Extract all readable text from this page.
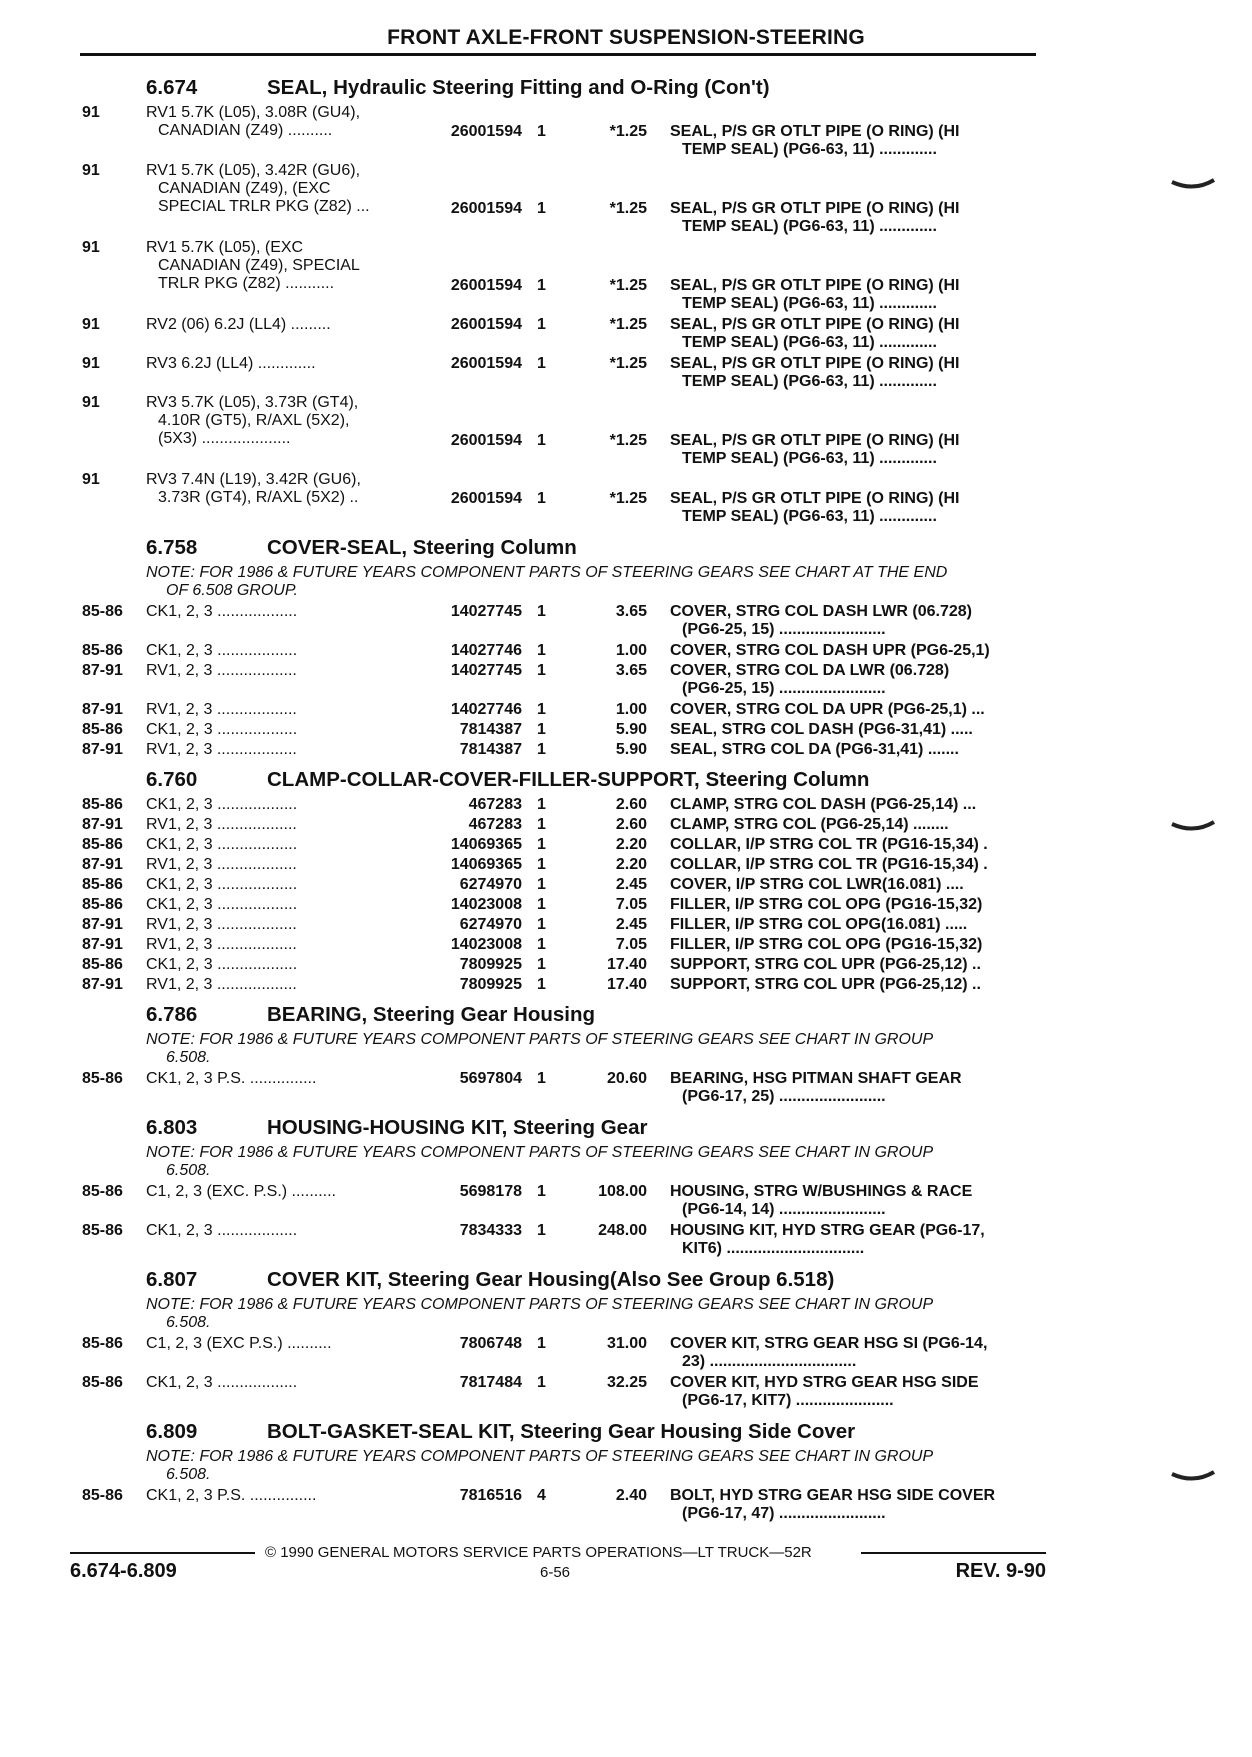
FRONT AXLE-FRONT SUSPENSION-STEERING
6.674	SEAL, Hydraulic Steering Fitting and O-Ring (Con't)
91	RV1 5.7K (L05), 3.08R (GU4),
CANADIAN (Z49) ..........	26001594 1	*1.25 SEAL, P/S GR OTLT PIPE (O RING) (HI
TEMP SEAL) (PG6-63, 11) .............
91	RV1 5.7K (L05), 3.42R (GU6),
CANADIAN (Z49), (EXC
SPECIAL TRLR PKG (Z82) ...	26001594 1	*1.25 SEAL, P/S GR OTLT PIPE (O RING) (HI
TEMP SEAL) (PG6-63, 11) .............
91	RV1 5.7K (L05), (EXC
CANADIAN (Z49), SPECIAL
TRLR PKG (Z82) ...........	26001594 1	*1.25 SEAL, P/S GR OTLT PIPE (O RING) (HI
TEMP SEAL) (PG6-63, 11) .............
91	RV2 (06) 6.2J (LL4) .........	26001594 1	*1.25 SEAL, P/S GR OTLT PIPE (O RING) (HI
TEMP SEAL) (PG6-63, 11) .............
91	RV3 6.2J (LL4) .............	26001594 1	*1.25 SEAL, P/S GR OTLT PIPE (O RING) (HI
TEMP SEAL) (PG6-63, 11) .............
91	RV3 5.7K (L05), 3.73R (GT4),
4.10R (GT5), R/AXL (5X2),
(5X3) ....................	26001594 1	*1.25 SEAL, P/S GR OTLT PIPE (O RING) (HI
TEMP SEAL) (PG6-63, 11) .............
91	RV3 7.4N (L19), 3.42R (GU6),
3.73R (GT4), R/AXL (5X2) ..	26001594 1	*1.25 SEAL, P/S GR OTLT PIPE (O RING) (HI
TEMP SEAL) (PG6-63, 11) .............
6.758	COVER-SEAL, Steering Column
NOTE: FOR 1986 & FUTURE YEARS COMPONENT PARTS OF STEERING GEARS SEE CHART AT THE END
OF 6.508 GROUP.
85-86 CK1, 2, 3 ..................	14027745 1	3.65 COVER, STRG COL DASH LWR (06.728)
(PG6-25, 15) ........................
85-86 CK1, 2, 3 ..................	14027746 1	1.00 COVER, STRG COL DASH UPR (PG6-25,1)
87-91 RV1, 2, 3 ..................	14027745 1	3.65 COVER, STRG COL DA LWR (06.728)
(PG6-25, 15) ........................
87-91 RV1, 2, 3 ..................	14027746 1	1.00 COVER, STRG COL DA UPR (PG6-25,1) ...
85-86 CK1, 2, 3 ..................	7814387 1	5.90 SEAL, STRG COL DASH (PG6-31,41) .....
87-91 RV1, 2, 3 ..................	7814387 1	5.90 SEAL, STRG COL DA (PG6-31,41) .......
6.760	CLAMP-COLLAR-COVER-FILLER-SUPPORT, Steering Column
85-86 CK1, 2, 3 ..................	467283 1	2.60 CLAMP, STRG COL DASH (PG6-25,14) ...
87-91 RV1, 2, 3 ..................	467283 1	2.60 CLAMP, STRG COL (PG6-25,14) ........
85-86 CK1, 2, 3 ..................	14069365 1	2.20 COLLAR, I/P STRG COL TR (PG16-15,34) .
87-91 RV1, 2, 3 ..................	14069365 1	2.20 COLLAR, I/P STRG COL TR (PG16-15,34) .
85-86 CK1, 2, 3 ..................	6274970 1	2.45 COVER, I/P STRG COL LWR(16.081) ....
85-86 CK1, 2, 3 ..................	14023008 1	7.05 FILLER, I/P STRG COL OPG (PG16-15,32)
87-91 RV1, 2, 3 ..................	6274970 1	2.45 FILLER, I/P STRG COL OPG(16.081) .....
87-91 RV1, 2, 3 ..................	14023008 1	7.05 FILLER, I/P STRG COL OPG (PG16-15,32)
85-86 CK1, 2, 3 ..................	7809925 1	17.40 SUPPORT, STRG COL UPR (PG6-25,12) ..
87-91 RV1, 2, 3 ..................	7809925 1	17.40 SUPPORT, STRG COL UPR (PG6-25,12) ..
6.786	BEARING, Steering Gear Housing
NOTE: FOR 1986 & FUTURE YEARS COMPONENT PARTS OF STEERING GEARS SEE CHART IN GROUP
6.508.
85-86 CK1, 2, 3 P.S. ...............	5697804 1	20.60 BEARING, HSG PITMAN SHAFT GEAR
(PG6-17, 25) ........................
6.803	HOUSING-HOUSING KIT, Steering Gear
NOTE: FOR 1986 & FUTURE YEARS COMPONENT PARTS OF STEERING GEARS SEE CHART IN GROUP
6.508.
85-86 C1, 2, 3 (EXC. P.S.) ..........	5698178 1	108.00 HOUSING, STRG W/BUSHINGS & RACE
(PG6-14, 14) ........................
85-86 CK1, 2, 3 ..................	7834333 1	248.00 HOUSING KIT, HYD STRG GEAR (PG6-17,
KIT6) ...............................
6.807	COVER KIT, Steering Gear Housing(Also See Group 6.518)
NOTE: FOR 1986 & FUTURE YEARS COMPONENT PARTS OF STEERING GEARS SEE CHART IN GROUP
6.508.
85-86 C1, 2, 3 (EXC P.S.) ..........	7806748 1	31.00 COVER KIT, STRG GEAR HSG SI (PG6-14,
23) .................................
85-86 CK1, 2, 3 ..................	7817484 1	32.25 COVER KIT, HYD STRG GEAR HSG SIDE
(PG6-17, KIT7) ......................
6.809	BOLT-GASKET-SEAL KIT, Steering Gear Housing Side Cover
NOTE: FOR 1986 & FUTURE YEARS COMPONENT PARTS OF STEERING GEARS SEE CHART IN GROUP
6.508.
85-86 CK1, 2, 3 P.S. ...............	7816516 4	2.40 BOLT, HYD STRG GEAR HSG SIDE COVER
(PG6-17, 47) ........................
© 1990 GENERAL MOTORS SERVICE PARTS OPERATIONS—LT TRUCK—52R
6.674-6.809	6-56	REV. 9-90
